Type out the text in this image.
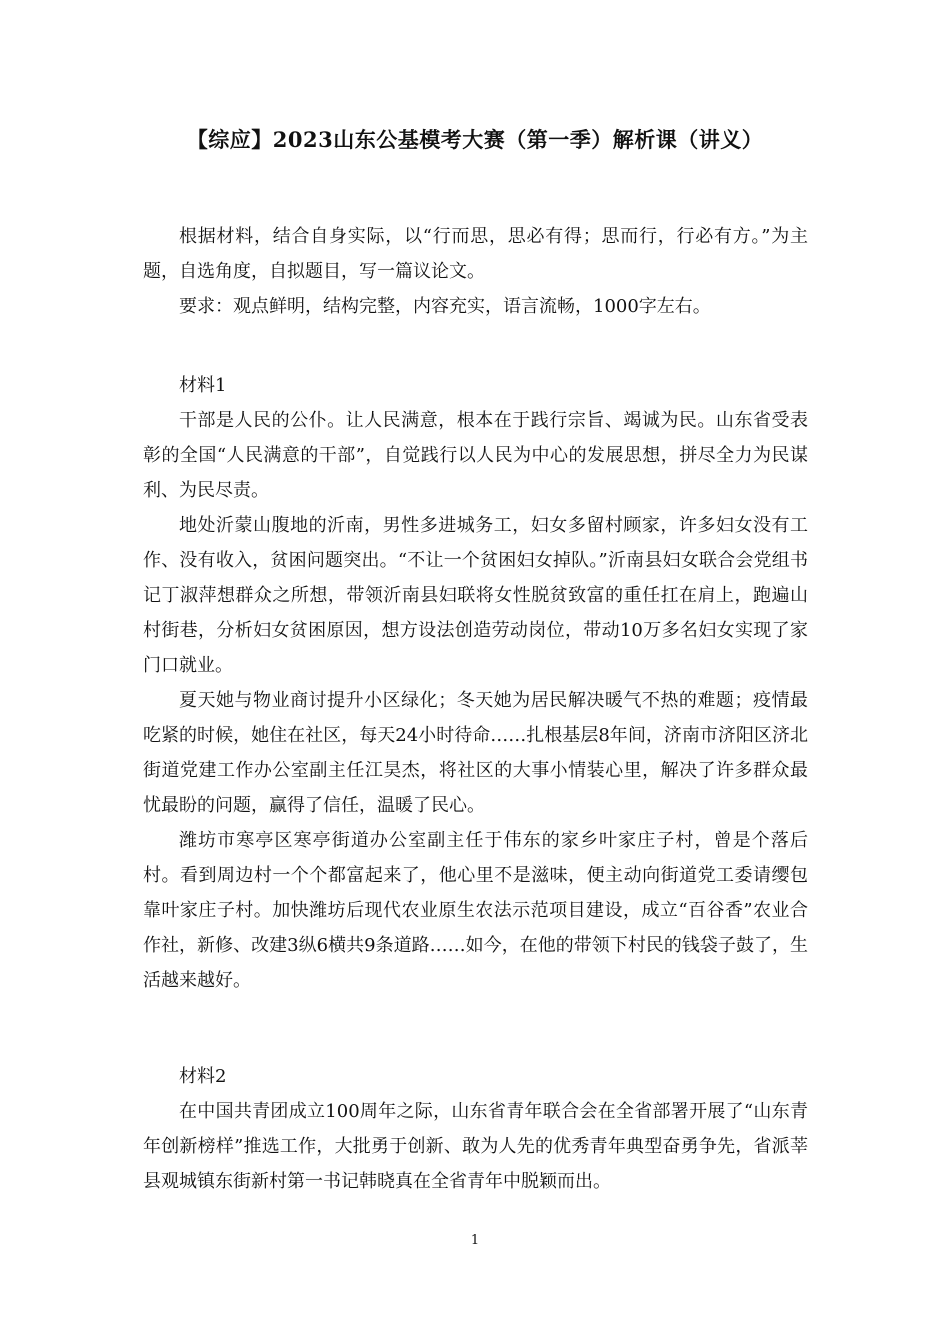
【综应】2023山东公基模考大赛（第一季）解析课（讲义）

根据材料，结合自身实际，以“行而思，思必有得；思而行，行必有方。”为主题，自选角度，自拟题目，写一篇议论文。

要求：观点鲜明，结构完整，内容充实，语言流畅，1000字左右。

材料1

干部是人民的公仆。让人民满意，根本在于践行宗旨、竭诚为民。山东省受表彰的全国“人民满意的干部”，自觉践行以人民为中心的发展思想，拼尽全力为民谋利、为民尽责。

地处沂蒙山腹地的沂南，男性多进城务工，妇女多留村顾家，许多妇女没有工作、没有收入，贫困问题突出。“不让一个贫困妇女掉队。”沂南县妇女联合会党组书记丁淑萍想群众之所想，带领沂南县妇联将女性脱贫致富的重任扛在肩上，跑遍山村街巷，分析妇女贫困原因，想方设法创造劳动岗位，带动10万多名妇女实现了家门口就业。

夏天她与物业商讨提升小区绿化；冬天她为居民解决暖气不热的难题；疫情最吃紧的时候，她住在社区，每天24小时待命……扎根基层8年间，济南市济阳区济北街道党建工作办公室副主任江昊杰，将社区的大事小情装心里，解决了许多群众最忧最盼的问题，赢得了信任，温暖了民心。

潍坊市寒亭区寒亭街道办公室副主任于伟东的家乡叶家庄子村，曾是个落后村。看到周边村一个个都富起来了，他心里不是滋味，便主动向街道党工委请缨包靠叶家庄子村。加快潍坊后现代农业原生农法示范项目建设，成立“百谷香”农业合作社，新修、改建3纵6横共9条道路……如今，在他的带领下村民的钱袋子鼓了，生活越来越好。

材料2

在中国共青团成立100周年之际，山东省青年联合会在全省部署开展了“山东青年创新榜样”推选工作，大批勇于创新、敢为人先的优秀青年典型奋勇争先，省派莘县观城镇东街新村第一书记韩晓真在全省青年中脱颖而出。

1
